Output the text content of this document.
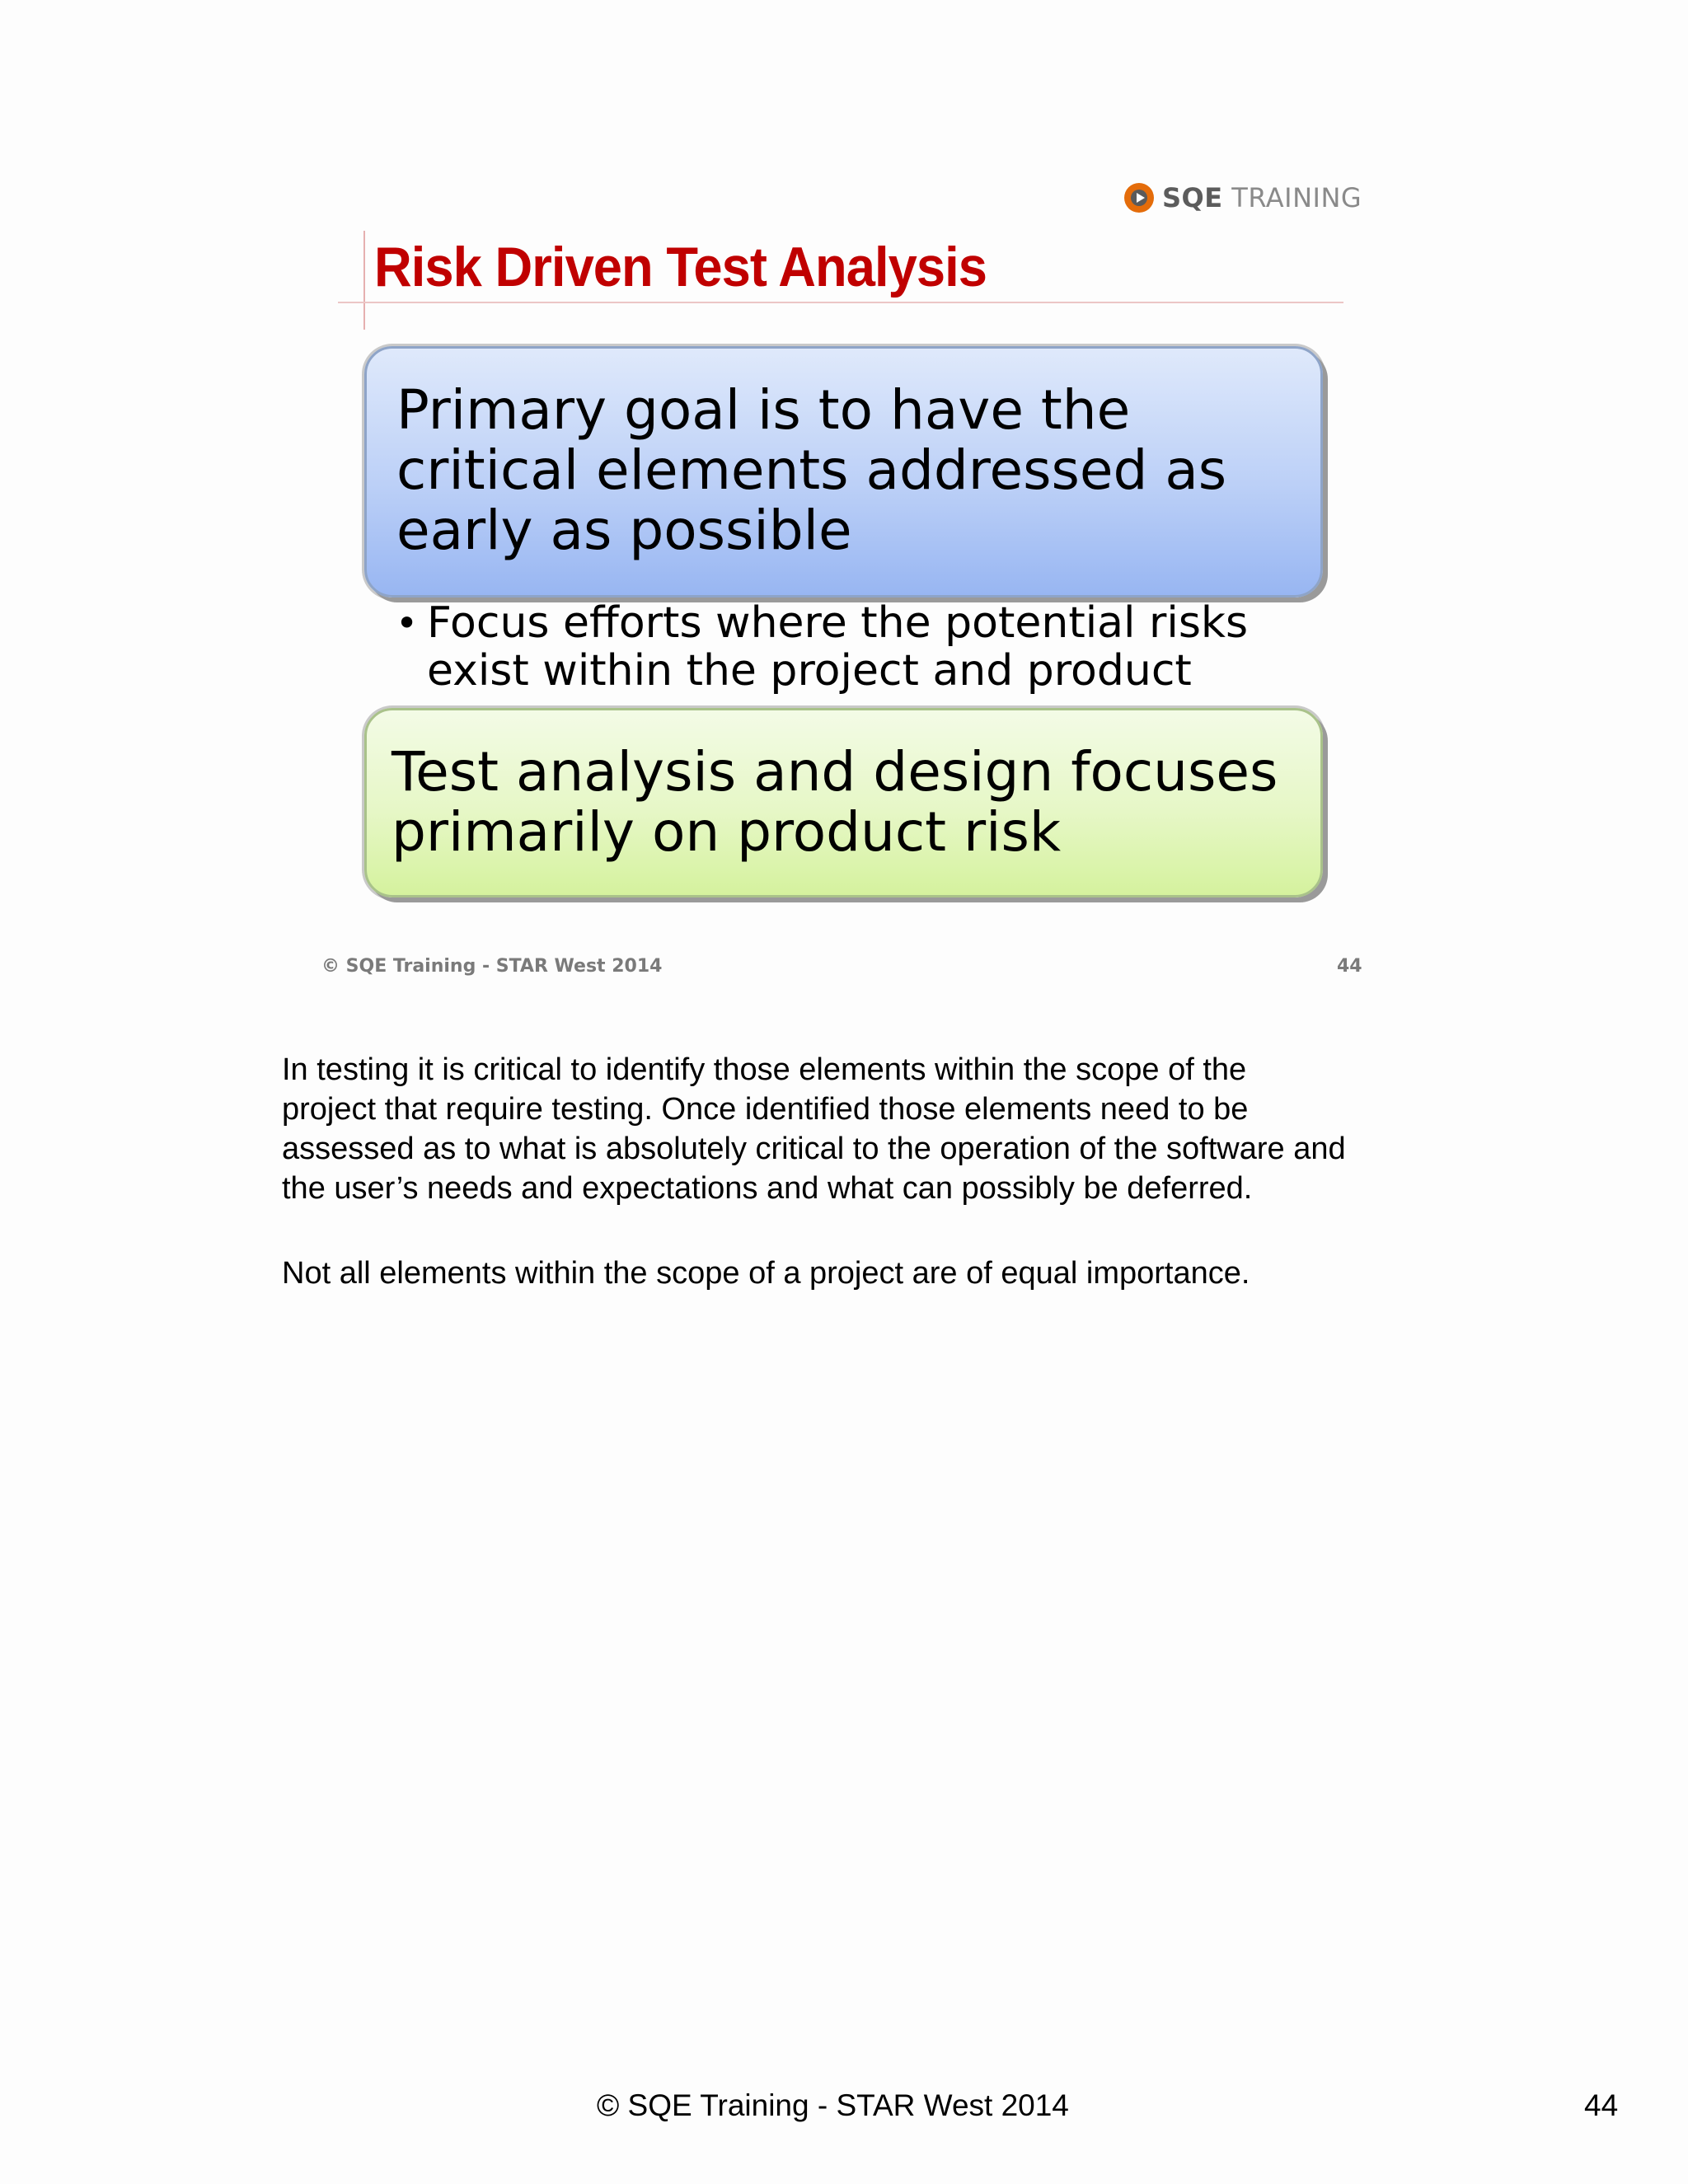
SQE TRAINING
Risk Driven Test Analysis
Primary goal is to have the
critical elements addressed as
early as possible
• Focus efforts where the potential risks
exist within the project and product
Test analysis and design focuses
primarily on product risk
© SQE Training - STAR West 2014	44

In testing it is critical to identify those elements within the scope of the
project that require testing. Once identified those elements need to be
assessed as to what is absolutely critical to the operation of the software and
the user’s needs and expectations and what can possibly be deferred.

Not all elements within the scope of a project are of equal importance.

© SQE Training - STAR West 2014	44
